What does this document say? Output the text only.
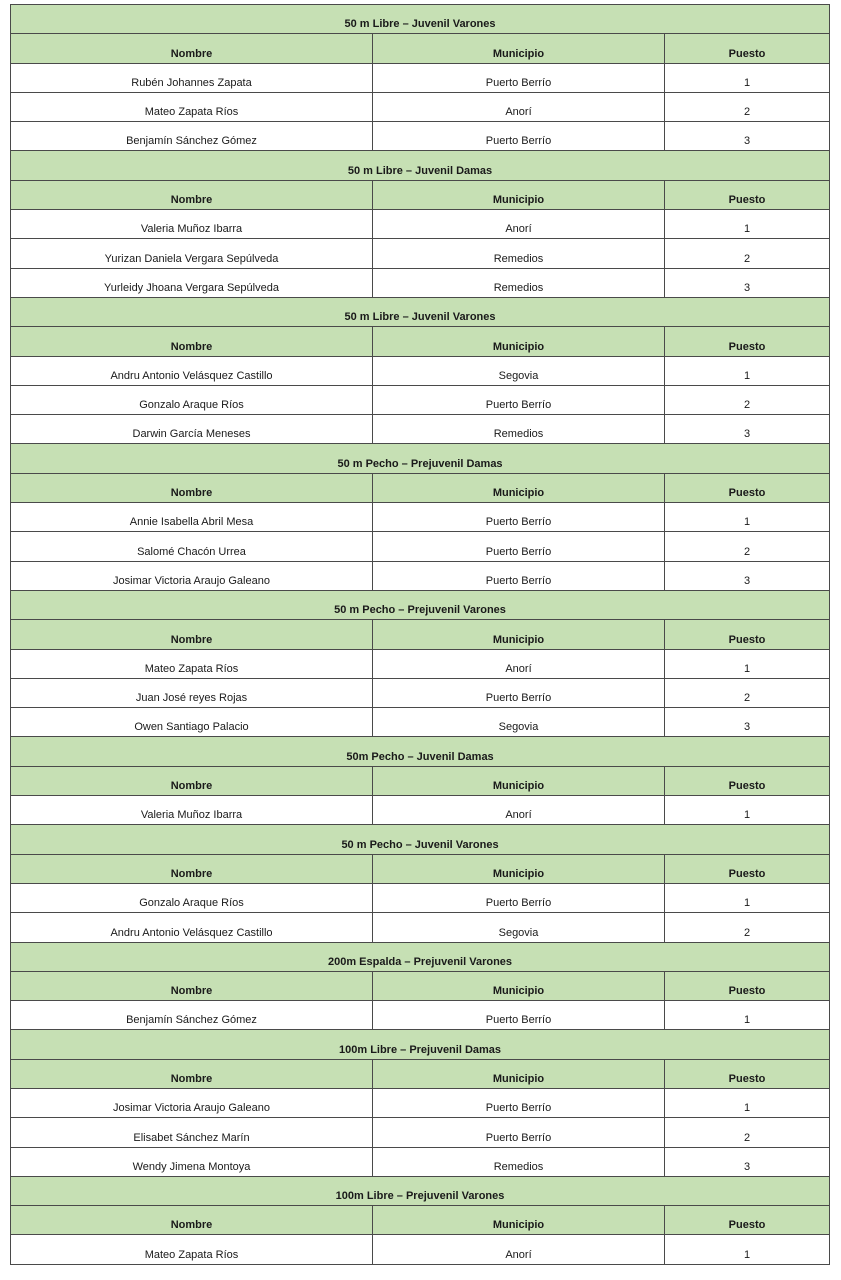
50 m Libre – Juvenil Varones		
Nombre	Municipio	Puesto
Rubén Johannes Zapata	Puerto Berrío	1
Mateo Zapata Ríos	Anorí	2
Benjamín Sánchez Gómez	Puerto Berrío	3
50 m Libre – Juvenil Damas		
Nombre	Municipio	Puesto
Valeria Muñoz Ibarra	Anorí	1
Yurizan Daniela Vergara Sepúlveda	Remedios	2
Yurleidy Jhoana Vergara Sepúlveda	Remedios	3
50 m Libre – Juvenil Varones		
Nombre	Municipio	Puesto
Andru Antonio Velásquez Castillo	Segovia	1
Gonzalo Araque Ríos	Puerto Berrío	2
Darwin García Meneses	Remedios	3
50 m Pecho – Prejuvenil Damas		
Nombre	Municipio	Puesto
Annie Isabella Abril Mesa	Puerto Berrío	1
Salomé Chacón Urrea	Puerto Berrío	2
Josimar Victoria Araujo Galeano	Puerto Berrío	3
50 m Pecho – Prejuvenil Varones		
Nombre	Municipio	Puesto
Mateo Zapata Ríos	Anorí	1
Juan José reyes Rojas	Puerto Berrío	2
Owen Santiago Palacio	Segovia	3
50m Pecho – Juvenil Damas		
Nombre	Municipio	Puesto
Valeria Muñoz Ibarra	Anorí	1
50 m Pecho – Juvenil Varones		
Nombre	Municipio	Puesto
Gonzalo Araque Ríos	Puerto Berrío	1
Andru Antonio Velásquez Castillo	Segovia	2
200m Espalda – Prejuvenil Varones		
Nombre	Municipio	Puesto
Benjamín Sánchez Gómez	Puerto Berrío	1
100m Libre – Prejuvenil Damas		
Nombre	Municipio	Puesto
Josimar Victoria Araujo Galeano	Puerto Berrío	1
Elisabet Sánchez Marín	Puerto Berrío	2
Wendy Jimena Montoya	Remedios	3
100m Libre – Prejuvenil Varones		
Nombre	Municipio	Puesto
Mateo Zapata Ríos	Anorí	1
